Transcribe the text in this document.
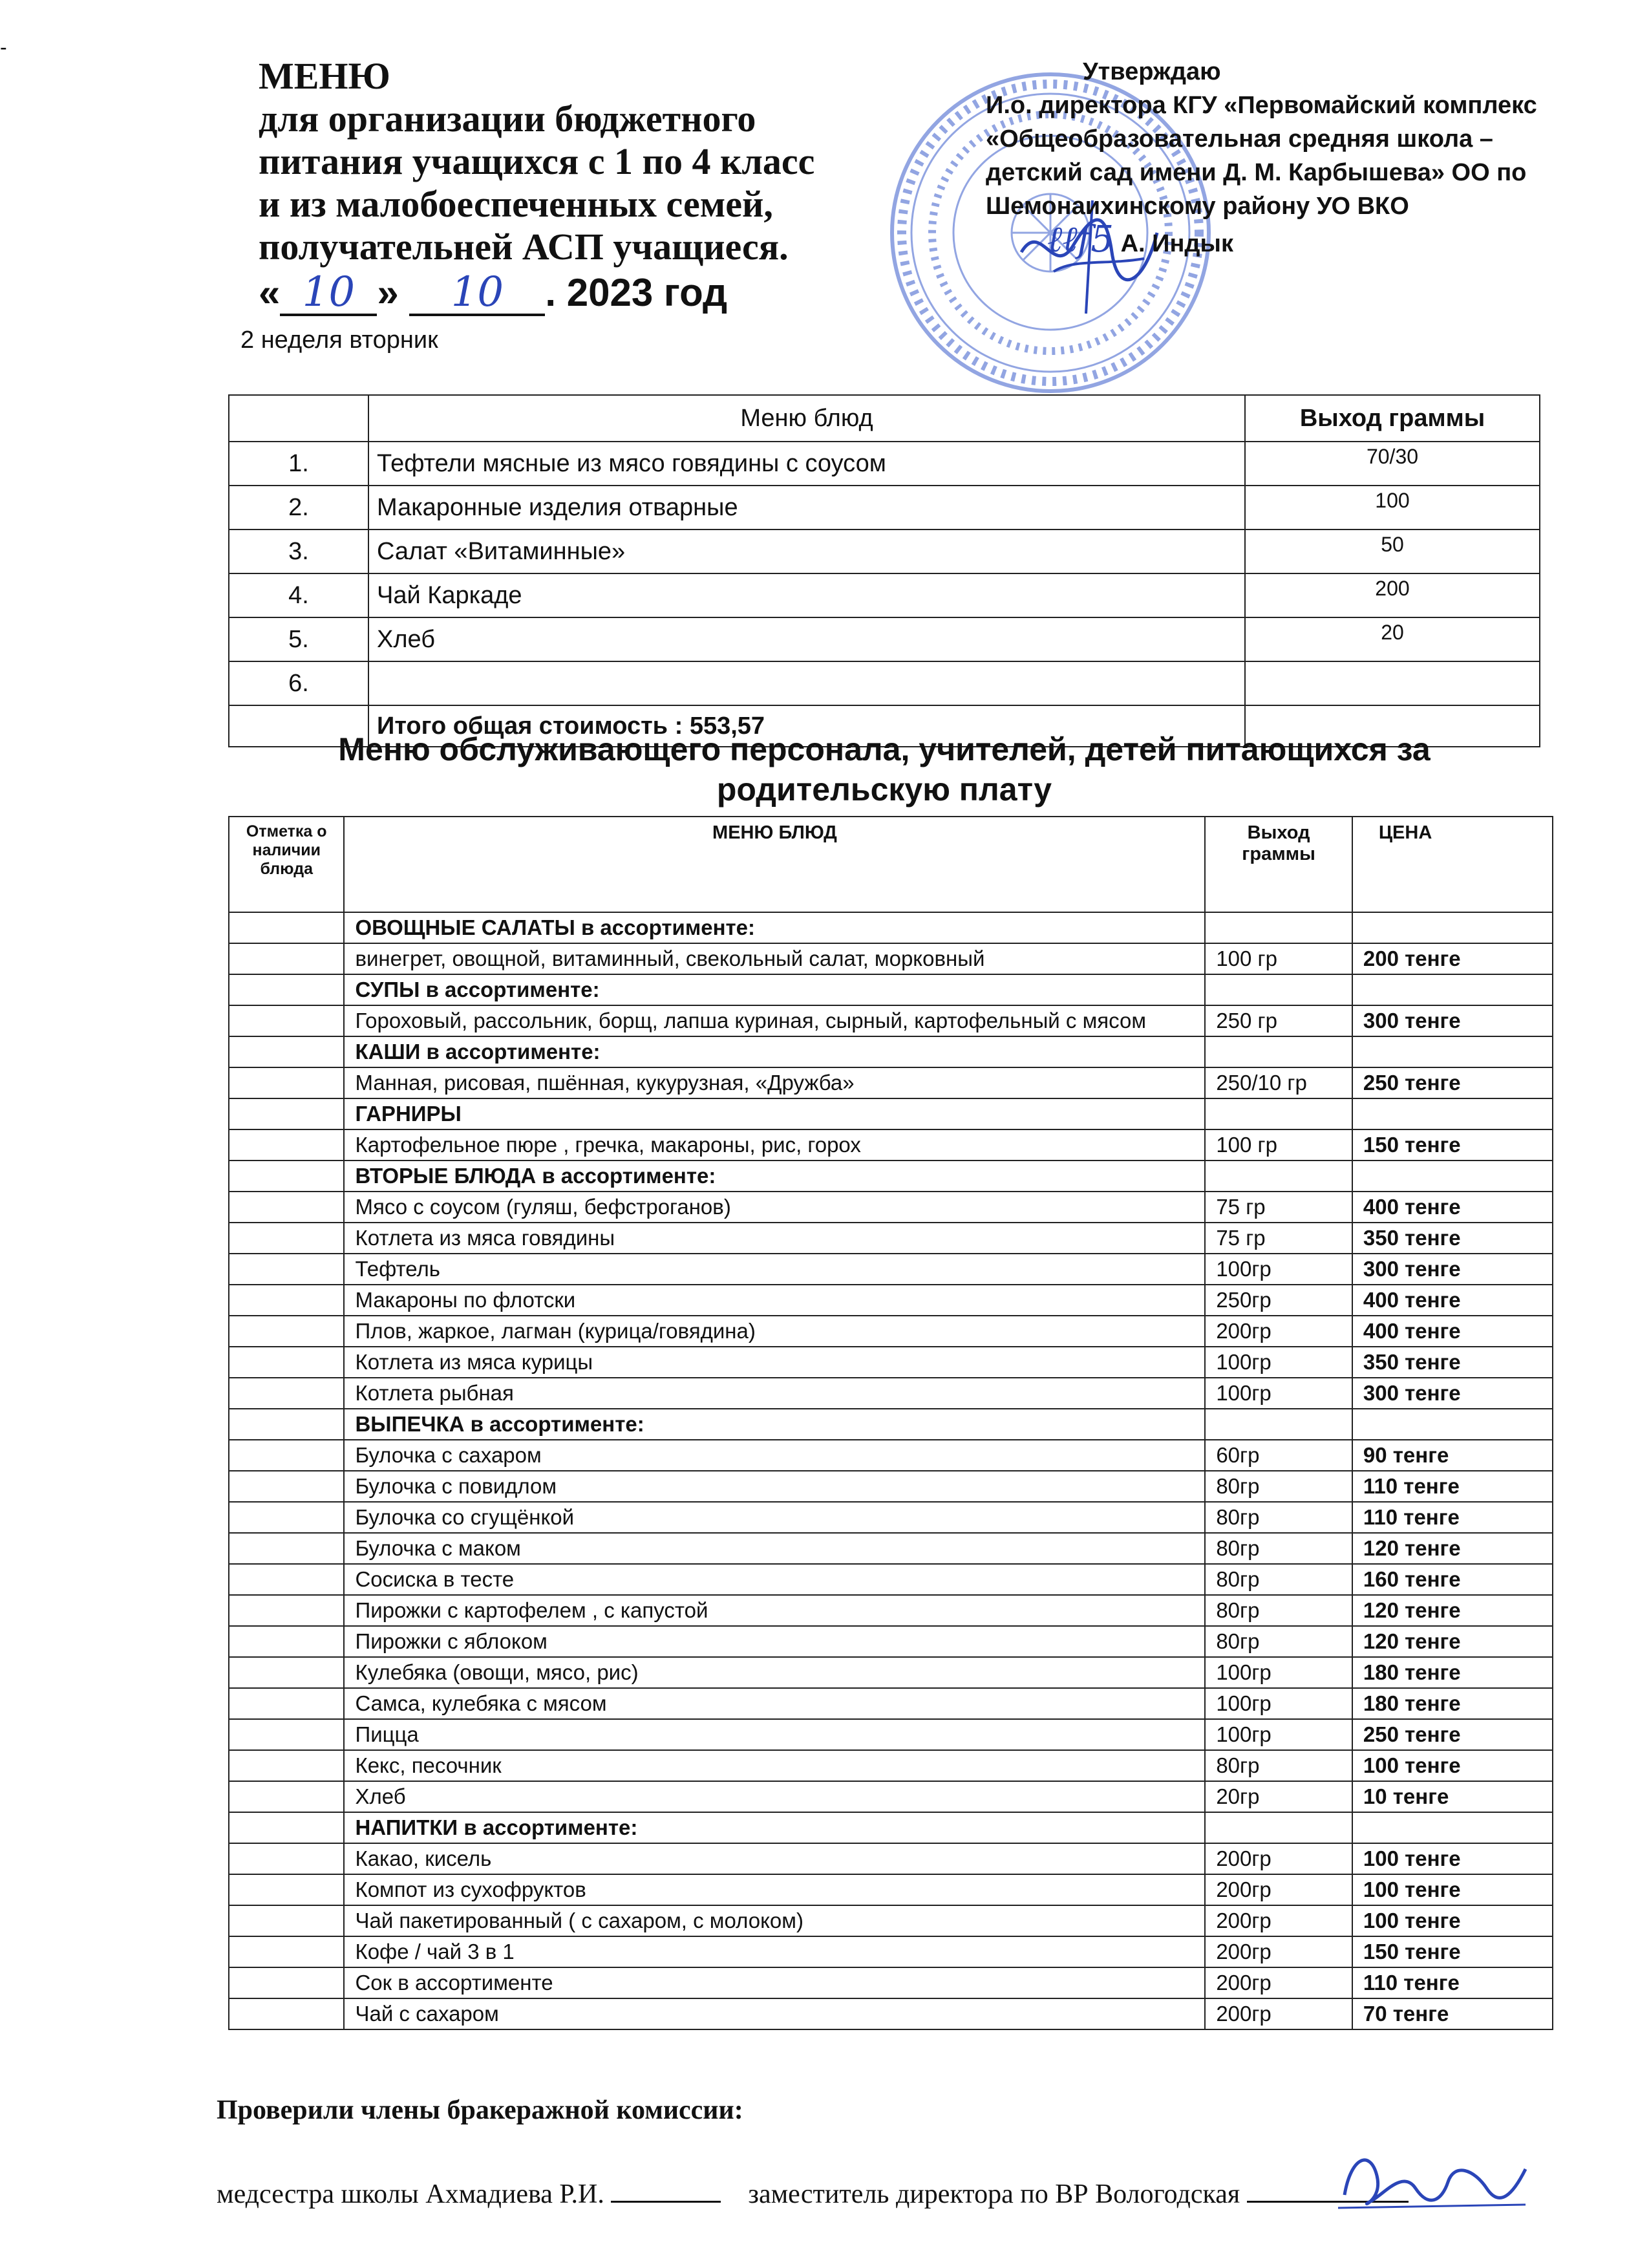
-
МЕНЮ
для организации бюджетного
питания учащихся с 1 по 4 класс
и из малобоеспеченных семей,
получательней АСП учащиеся.
« 10 » 10 . 2023 год
2 неделя вторник
Утверждаю
И.о. директора КГУ «Первомайский комплекс
«Общеобразовательная средняя школа –
детский сад имени Д. М. Карбышева» ОО по
Шемонаихинскому району УО ВКО
ℓℓf5 А. Индык
	Меню блюд	Выход граммы
1.	Тефтели мясные из мясо говядины с соусом	70/30
2.	Макаронные изделия отварные	100
3.	Салат «Витаминные»	50
4.	Чай Каркаде	200
5.	Хлеб	20
6.		
	Итого общая стоимость : 553,57	
Меню обслуживающего персонала, учителей, детей питающихся за
родительскую плату
Отметка о наличии блюда	МЕНЮ БЛЮД	Выход граммы	ЦЕНА
	ОВОЩНЫЕ САЛАТЫ в ассортименте:		
	винегрет, овощной, витаминный, свекольный салат, морковный	100 гр	200 тенге
	СУПЫ в ассортименте:		
	Гороховый, рассольник, борщ, лапша куриная, сырный, картофельный с мясом	250 гр	300 тенге
	КАШИ в ассортименте:		
	Манная, рисовая, пшённая, кукурузная, «Дружба»	250/10 гр	250 тенге
	ГАРНИРЫ		
	Картофельное пюре , гречка, макароны, рис, горох	100 гр	150 тенге
	ВТОРЫЕ БЛЮДА в ассортименте:		
	Мясо с соусом (гуляш, бефстроганов)	75 гр	400 тенге
	Котлета из мяса говядины	75 гр	350 тенге
	Тефтель	100гр	300 тенге
	Макароны по флотски	250гр	400 тенге
	Плов, жаркое, лагман (курица/говядина)	200гр	400 тенге
	Котлета из мяса курицы	100гр	350 тенге
	Котлета рыбная	100гр	300 тенге
	ВЫПЕЧКА в ассортименте:		
	Булочка с сахаром	60гр	90 тенге
	Булочка с повидлом	80гр	110 тенге
	Булочка со сгущёнкой	80гр	110 тенге
	Булочка с маком	80гр	120 тенге
	Сосиска в тесте	80гр	160 тенге
	Пирожки с картофелем , с капустой	80гр	120 тенге
	Пирожки с яблоком	80гр	120 тенге
	Кулебяка (овощи, мясо, рис)	100гр	180 тенге
	Самса, кулебяка с мясом	100гр	180 тенге
	Пицца	100гр	250 тенге
	Кекс, песочник	80гр	100 тенге
	Хлеб	20гр	10 тенге
	НАПИТКИ в ассортименте:		
	Какао, кисель	200гр	100 тенге
	Компот из сухофруктов	200гр	100 тенге
	Чай пакетированный ( с сахаром, с молоком)	200гр	100 тенге
	Кофе / чай 3 в 1	200гр	150 тенге
	Сок в ассортименте	200гр	110 тенге
	Чай с сахаром	200гр	70 тенге
Проверили члены бракеражной комиссии:
медсестра школы Ахмадиева Р.И.	заместитель директора по ВР Вологодская
